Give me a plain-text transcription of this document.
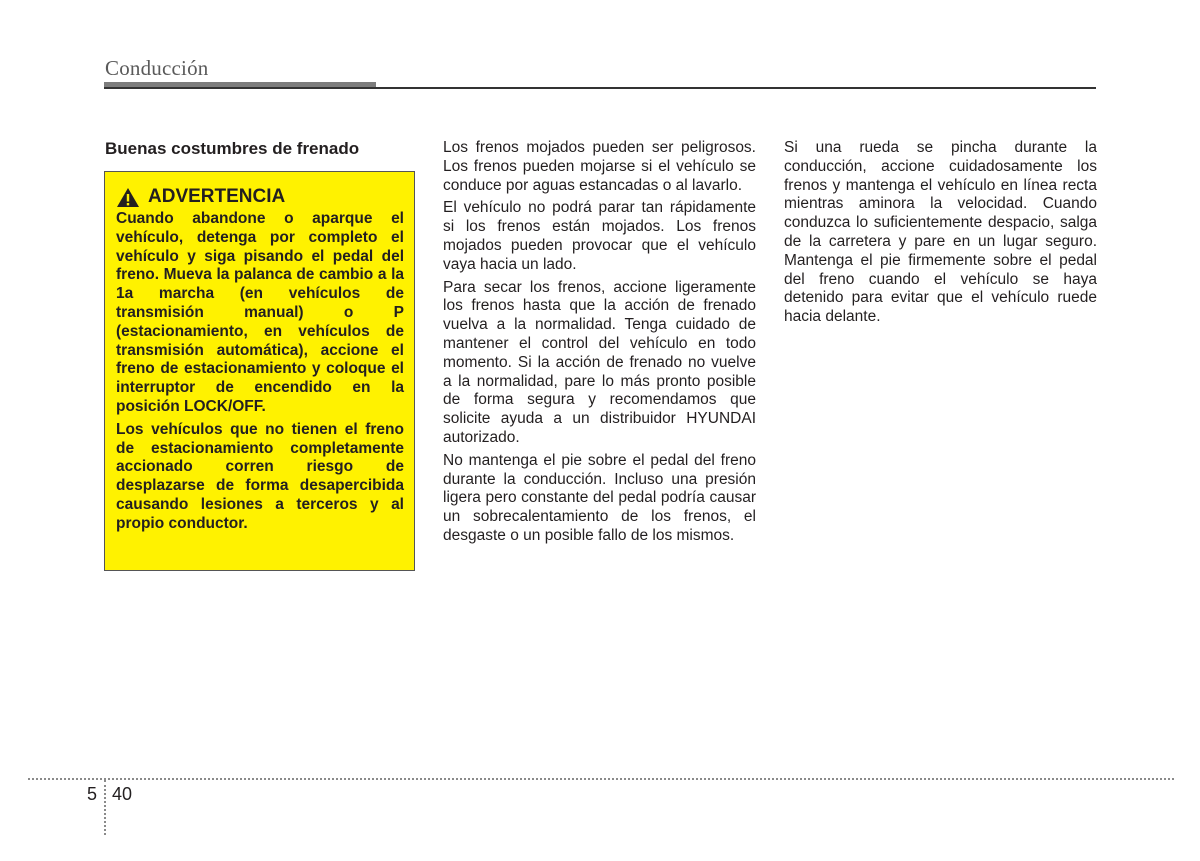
Conducción
Buenas costumbres de frenado
ADVERTENCIA

Cuando abandone o aparque el vehículo, detenga por completo el vehículo y siga pisando el pedal del freno. Mueva la palanca de cambio a la 1a marcha (en vehículos de transmisión manual) o P (estacionamiento, en vehículos de transmisión automática), accione el freno de estacionamiento y coloque el interruptor de encendido en la posición LOCK/OFF.

Los vehículos que no tienen el freno de estacionamiento completamente accionado corren riesgo de desplazarse de forma desapercibida causando lesiones a terceros y al propio conductor.

Los frenos mojados pueden ser peligrosos. Los frenos pueden mojarse si el vehículo se conduce por aguas estancadas o al lavarlo.

El vehículo no podrá parar tan rápidamente si los frenos están mojados. Los frenos mojados pueden provocar que el vehículo vaya hacia un lado.

Para secar los frenos, accione ligeramente los frenos hasta que la acción de frenado vuelva a la normalidad. Tenga cuidado de mantener el control del vehículo en todo momento. Si la acción de frenado no vuelve a la normalidad, pare lo más pronto posible de forma segura y recomendamos que solicite ayuda a un distribuidor HYUNDAI autorizado.

No mantenga el pie sobre el pedal del freno durante la conducción. Incluso una presión ligera pero constante del pedal podría causar un sobrecalentamiento de los frenos, el desgaste o un posible fallo de los mismos.

Si una rueda se pincha durante la conducción, accione cuidadosamente los frenos y mantenga el vehículo en línea recta mientras aminora la velocidad. Cuando conduzca lo suficientemente despacio, salga de la carretera y pare en un lugar seguro. Mantenga el pie firmemente sobre el pedal del freno cuando el vehículo se haya detenido para evitar que el vehículo ruede hacia delante.

5 40
